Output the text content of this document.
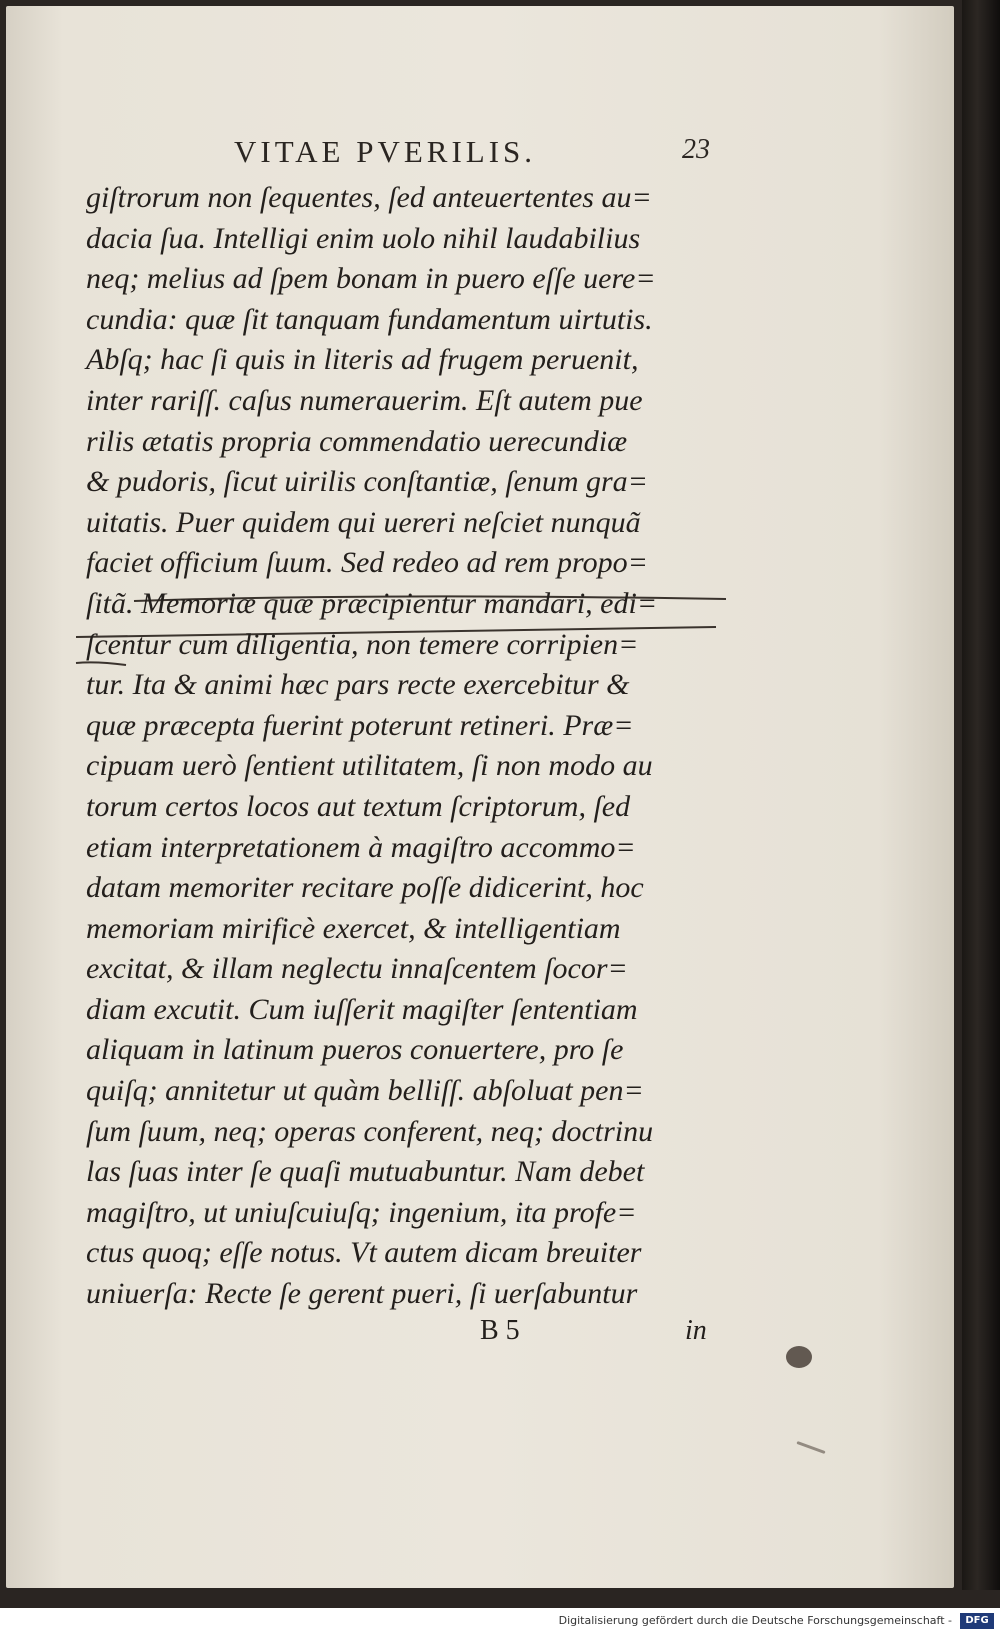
VITAE PVERILIS.	23
giſtrorum non ſequentes, ſed anteuertentes au=
dacia ſua. Intelligi enim uolo nihil laudabilius
neq; melius ad ſpem bonam in puero eſſe uere=
cundia: quæ ſit tanquam fundamentum uirtutis.
Abſq; hac ſi quis in literis ad frugem peruenit,
inter rariſſ. caſus numerauerim. Eſt autem pue
rilis ætatis propria commendatio uerecundiæ
& pudoris, ſicut uirilis conſtantiæ, ſenum gra=
uitatis. Puer quidem qui uereri neſciet nunquã
faciet officium ſuum. Sed redeo ad rem propo=
ſitã. Memoriæ quæ præcipientur mandari, edi=
ſcentur cum diligentia, non temere corripien=
tur. Ita & animi hæc pars recte exercebitur &
quæ præcepta fuerint poterunt retineri. Præ=
cipuam uerò ſentient utilitatem, ſi non modo au
torum certos locos aut textum ſcriptorum, ſed
etiam interpretationem à magiſtro accommo=
datam memoriter recitare poſſe didicerint, hoc
memoriam mirificè exercet, & intelligentiam
excitat, & illam neglectu innaſcentem ſocor=
diam excutit. Cum iuſſerit magiſter ſententiam
aliquam in latinum pueros conuertere, pro ſe
quiſq; annitetur ut quàm belliſſ. abſoluat pen=
ſum ſuum, neq; operas conferent, neq; doctrinu
las ſuas inter ſe quaſi mutuabuntur. Nam debet
magiſtro, ut uniuſcuiuſq; ingenium, ita profe=
ctus quoq; eſſe notus. Vt autem dicam breuiter
uniuerſa: Recte ſe gerent pueri, ſi uerſabuntur
B 5	in
Digitalisierung gefördert durch die Deutsche Forschungsgemeinschaft -	DFG
